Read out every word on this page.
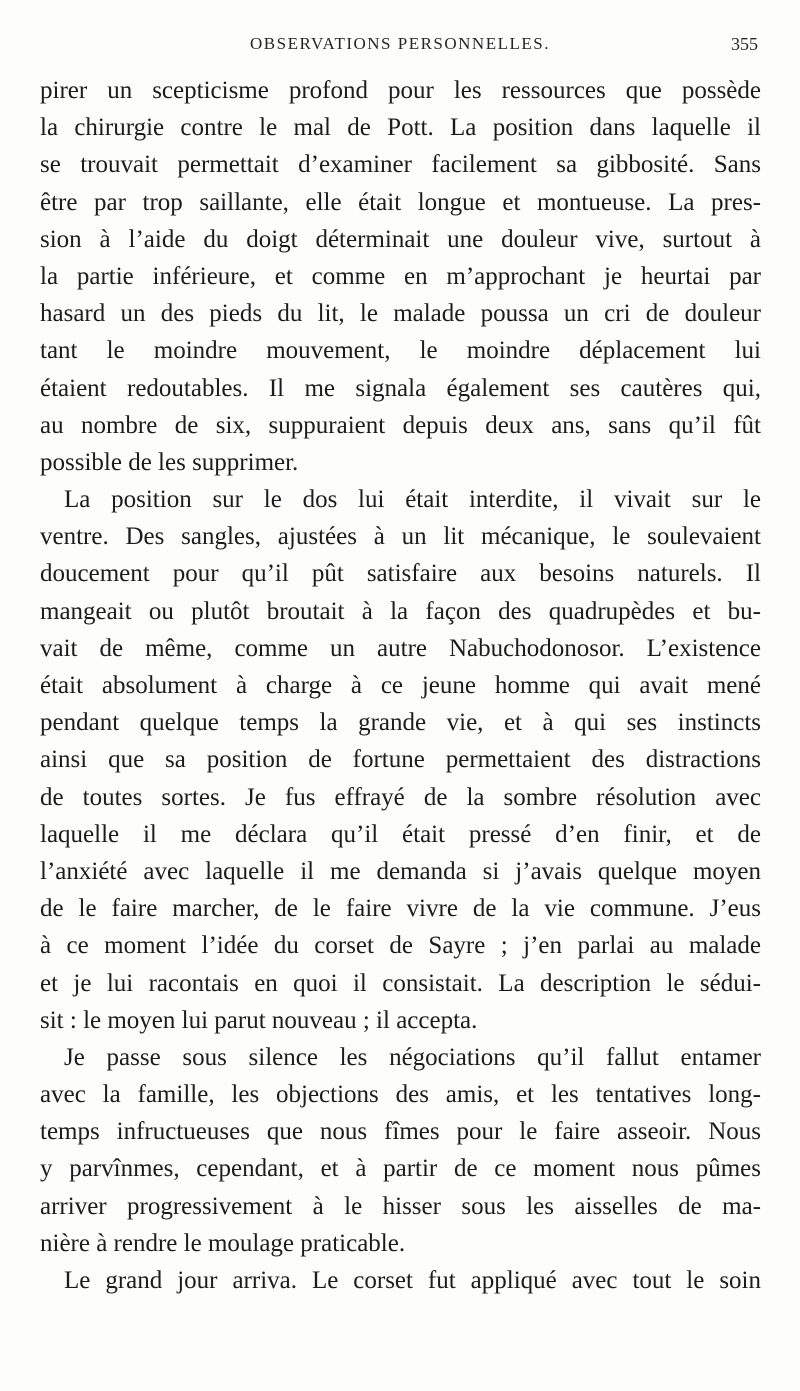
OBSERVATIONS PERSONNELLES.	355
pirer un scepticisme profond pour les ressources que possède
la chirurgie contre le mal de Pott. La position dans laquelle il
se trouvait permettait d’examiner facilement sa gibbosité. Sans
être par trop saillante, elle était longue et montueuse. La pres-
sion à l’aide du doigt déterminait une douleur vive, surtout à
la partie inférieure, et comme en m’approchant je heurtai par
hasard un des pieds du lit, le malade poussa un cri de douleur
tant le moindre mouvement, le moindre déplacement lui
étaient redoutables. Il me signala également ses cautères qui,
au nombre de six, suppuraient depuis deux ans, sans qu’il fût
possible de les supprimer.
La position sur le dos lui était interdite, il vivait sur le
ventre. Des sangles, ajustées à un lit mécanique, le soulevaient
doucement pour qu’il pût satisfaire aux besoins naturels. Il
mangeait ou plutôt broutait à la façon des quadrupèdes et bu-
vait de même, comme un autre Nabuchodonosor. L’existence
était absolument à charge à ce jeune homme qui avait mené
pendant quelque temps la grande vie, et à qui ses instincts
ainsi que sa position de fortune permettaient des distractions
de toutes sortes. Je fus effrayé de la sombre résolution avec
laquelle il me déclara qu’il était pressé d’en finir, et de
l’anxiété avec laquelle il me demanda si j’avais quelque moyen
de le faire marcher, de le faire vivre de la vie commune. J’eus
à ce moment l’idée du corset de Sayre ; j’en parlai au malade
et je lui racontais en quoi il consistait. La description le sédui-
sit : le moyen lui parut nouveau ; il accepta.
Je passe sous silence les négociations qu’il fallut entamer
avec la famille, les objections des amis, et les tentatives long-
temps infructueuses que nous fîmes pour le faire asseoir. Nous
y parvînmes, cependant, et à partir de ce moment nous pûmes
arriver progressivement à le hisser sous les aisselles de ma-
nière à rendre le moulage praticable.
Le grand jour arriva. Le corset fut appliqué avec tout le soin
